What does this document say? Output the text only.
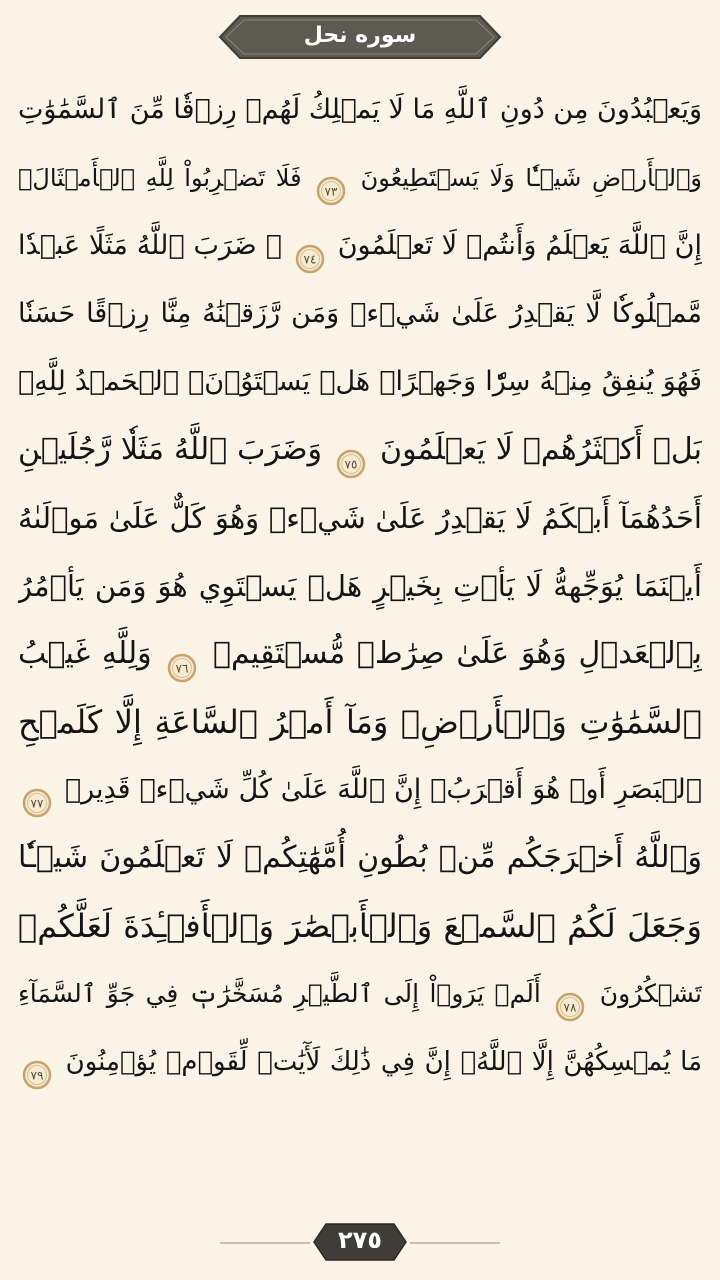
سوره نحل
وَيَعۡبُدُونَ مِن دُونِ ٱللَّهِ مَا لَا يَمۡلِكُ لَهُمۡ رِزۡقٗا مِّنَ ٱلسَّمَٰوَٰتِ
وَٱلۡأَرۡضِ شَيۡـٔٗا وَلَا يَسۡتَطِيعُونَ
٧٣
فَلَا تَضۡرِبُواْ لِلَّهِ ٱلۡأَمۡثَالَۚ
إِنَّ ٱللَّهَ يَعۡلَمُ وَأَنتُمۡ لَا تَعۡلَمُونَ
٧٤
۞ ضَرَبَ ٱللَّهُ مَثَلًا عَبۡدٗا
مَّمۡلُوكٗا لَّا يَقۡدِرُ عَلَىٰ شَيۡءٖ وَمَن رَّزَقۡنَٰهُ مِنَّا رِزۡقًا حَسَنٗا
فَهُوَ يُنفِقُ مِنۡهُ سِرّٗا وَجَهۡرًاۖ هَلۡ يَسۡتَوُۥنَۚ ٱلۡحَمۡدُ لِلَّهِۚ
بَلۡ أَكۡثَرُهُمۡ لَا يَعۡلَمُونَ
٧٥
وَضَرَبَ ٱللَّهُ مَثَلٗا رَّجُلَيۡنِ
أَحَدُهُمَآ أَبۡكَمُ لَا يَقۡدِرُ عَلَىٰ شَيۡءٖ وَهُوَ كَلٌّ عَلَىٰ مَوۡلَىٰهُ
أَيۡنَمَا يُوَجِّههُّ لَا يَأۡتِ بِخَيۡرٍ هَلۡ يَسۡتَوِي هُوَ وَمَن يَأۡمُرُ
بِٱلۡعَدۡلِ وَهُوَ عَلَىٰ صِرَٰطٖ مُّسۡتَقِيمٖ
٧٦
وَلِلَّهِ غَيۡبُ
ٱلسَّمَٰوَٰتِ وَٱلۡأَرۡضِۚ وَمَآ أَمۡرُ ٱلسَّاعَةِ إِلَّا كَلَمۡحِ
ٱلۡبَصَرِ أَوۡ هُوَ أَقۡرَبُۚ إِنَّ ٱللَّهَ عَلَىٰ كُلِّ شَيۡءٖ قَدِيرٞ
٧٧
وَٱللَّهُ أَخۡرَجَكُم مِّنۢ بُطُونِ أُمَّهَٰتِكُمۡ لَا تَعۡلَمُونَ شَيۡـٔٗا
وَجَعَلَ لَكُمُ ٱلسَّمۡعَ وَٱلۡأَبۡصَٰرَ وَٱلۡأَفۡـِٔدَةَ لَعَلَّكُمۡ
تَشۡكُرُونَ
٧٨
أَلَمۡ يَرَوۡاْ إِلَى ٱلطَّيۡرِ مُسَخَّرَٰتٖ فِي جَوِّ ٱلسَّمَآءِ
مَا يُمۡسِكُهُنَّ إِلَّا ٱللَّهُۚ إِنَّ فِي ذَٰلِكَ لَأٓيَٰتٖ لِّقَوۡمٖ يُؤۡمِنُونَ
٧٩
٢٧٥
